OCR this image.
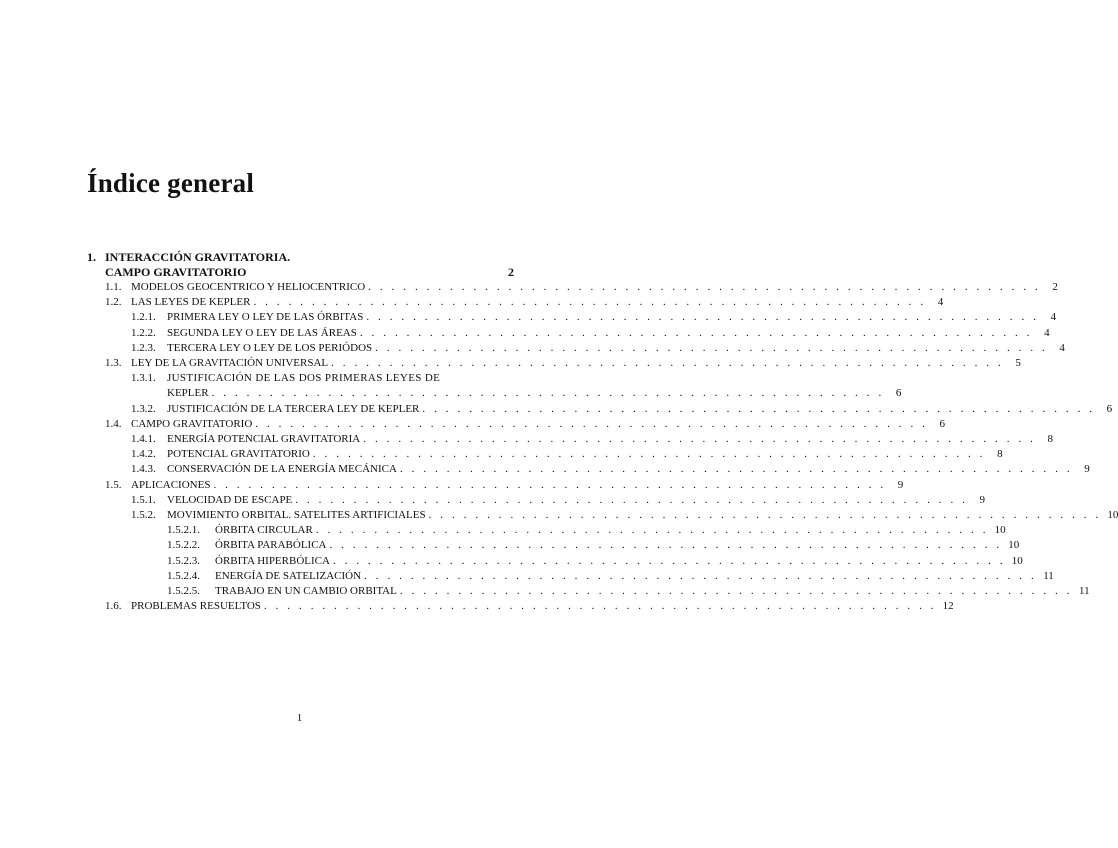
Índice general
1. INTERACCIÓN GRAVITATORIA.
CAMPO GRAVITATORIO	2
1.1. MODELOS GEOCENTRICO Y HELIOCENTRICO . . . . . . . . . . . . . . . . . . . . . . . . . . . . . . . . . . . . . . . . . . . . . . . . . . . . . . . . . .	2
1.2. LAS LEYES DE KEPLER . . . . . . . . . . . . . . . . . . . . . . . . . . . . . . . . . . . . . . . . . . . . . . . . . . . . . . . . . .	4
1.2.1.	PRIMERA LEY O LEY DE LAS ÓRBITAS . . . . . . . . . . . . . . . . . . . . . . . . . . . . . . . . . . . . . . . . . . . . . . . . . . . . . . . . . .	4
1.2.2.	SEGUNDA LEY O LEY DE LAS ÁREAS . . . . . . . . . . . . . . . . . . . . . . . . . . . . . . . . . . . . . . . . . . . . . . . . . . . . . . . . . .	4
1.2.3.	TERCERA LEY O LEY DE LOS PERIÓDOS . . . . . . . . . . . . . . . . . . . . . . . . . . . . . . . . . . . . . . . . . . . . . . . . . . . . . . . . . .	4
1.3. LEY DE LA GRAVITACIÓN UNIVERSAL . . . . . . . . . . . . . . . . . . . . . . . . . . . . . . . . . . . . . . . . . . . . . . . . . . . . . . . . . .	5
1.3.1.	JUSTIFICACIÓN DE LAS DOS PRIMERAS LEYES DE
KEPLER . . . . . . . . . . . . . . . . . . . . . . . . . . . . . . . . . . . . . . . . . . . . . . . . . . . . . . . . . .	6
1.3.2.	JUSTIFICACIÓN DE LA TERCERA LEY DE KEPLER . . . . . . . . . . . . . . . . . . . . . . . . . . . . . . . . . . . . . . . . . . . . . . . . . . . . . . . . . .	6
1.4. CAMPO GRAVITATORIO . . . . . . . . . . . . . . . . . . . . . . . . . . . . . . . . . . . . . . . . . . . . . . . . . . . . . . . . . .	6
1.4.1.	ENERGÍA POTENCIAL GRAVITATORIA . . . . . . . . . . . . . . . . . . . . . . . . . . . . . . . . . . . . . . . . . . . . . . . . . . . . . . . . . .	8
1.4.2.	POTENCIAL GRAVITATORIO . . . . . . . . . . . . . . . . . . . . . . . . . . . . . . . . . . . . . . . . . . . . . . . . . . . . . . . . . .	8
1.4.3.	CONSERVACIÓN DE LA ENERGÍA MECÁNICA . . . . . . . . . . . . . . . . . . . . . . . . . . . . . . . . . . . . . . . . . . . . . . . . . . . . . . . . . .	9
1.5. APLICACIONES . . . . . . . . . . . . . . . . . . . . . . . . . . . . . . . . . . . . . . . . . . . . . . . . . . . . . . . . . .	9
1.5.1.	VELOCIDAD DE ESCAPE . . . . . . . . . . . . . . . . . . . . . . . . . . . . . . . . . . . . . . . . . . . . . . . . . . . . . . . . . .	9
1.5.2.	MOVIMIENTO ORBITAL. SATELITES ARTIFICIALES . . . . . . . . . . . . . . . . . . . . . . . . . . . . . . . . . . . . . . . . . . . . . . . . . . . . . . . . . . 10
1.5.2.1.	ÓRBITA CIRCULAR . . . . . . . . . . . . . . . . . . . . . . . . . . . . . . . . . . . . . . . . . . . . . . . . . . . . . . . . . . 10
1.5.2.2.	ÓRBITA PARABÓLICA . . . . . . . . . . . . . . . . . . . . . . . . . . . . . . . . . . . . . . . . . . . . . . . . . . . . . . . . . . 10
1.5.2.3.	ÓRBITA HIPERBÓLICA . . . . . . . . . . . . . . . . . . . . . . . . . . . . . . . . . . . . . . . . . . . . . . . . . . . . . . . . . . 10
1.5.2.4.	ENERGÍA DE SATELIZACIÓN . . . . . . . . . . . . . . . . . . . . . . . . . . . . . . . . . . . . . . . . . . . . . . . . . . . . . . . . . . 11
1.5.2.5.	TRABAJO EN UN CAMBIO ORBITAL . . . . . . . . . . . . . . . . . . . . . . . . . . . . . . . . . . . . . . . . . . . . . . . . . . . . . . . . . . 11
1.6. PROBLEMAS RESUELTOS . . . . . . . . . . . . . . . . . . . . . . . . . . . . . . . . . . . . . . . . . . . . . . . . . . . . . . . . . . 12
1
